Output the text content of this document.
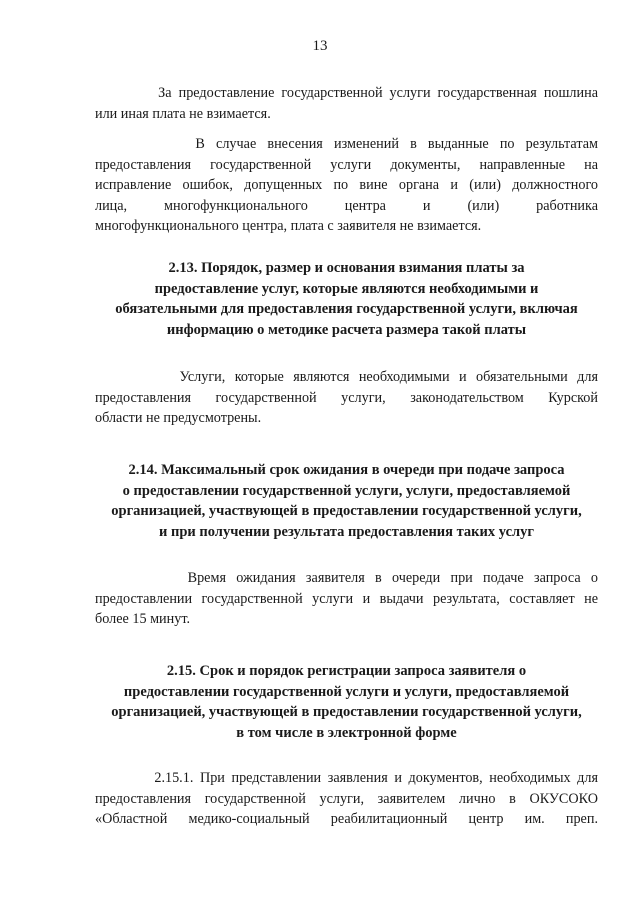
13
За предоставление государственной услуги государственная пошлина
или иная плата не взимается.
В случае внесения изменений в выданные по результатам
предоставления государственной услуги документы, направленные на
исправление ошибок, допущенных по вине органа и (или) должностного
лица, многофункционального центра и (или) работника
многофункционального центра, плата с заявителя не взимается.
2.13. Порядок, размер и основания взимания платы за
предоставление услуг, которые являются необходимыми и
обязательными для предоставления государственной услуги, включая
информацию о методике расчета размера такой платы
Услуги, которые являются необходимыми и обязательными для
предоставления государственной услуги, законодательством Курской
области не предусмотрены.
2.14. Максимальный срок ожидания в очереди при подаче запроса
о предоставлении государственной услуги, услуги, предоставляемой
организацией, участвующей в предоставлении государственной услуги,
и при получении результата предоставления таких услуг
Время ожидания заявителя в очереди при подаче запроса о
предоставлении государственной услуги и выдачи результата, составляет не
более 15 минут.
2.15. Срок и порядок регистрации запроса заявителя о
предоставлении государственной услуги и услуги, предоставляемой
организацией, участвующей в предоставлении государственной услуги,
в том числе в электронной форме
2.15.1. При представлении заявления и документов, необходимых для
предоставления государственной услуги, заявителем лично в ОКУСОКО
«Областной медико-социальный реабилитационный центр им. преп.
